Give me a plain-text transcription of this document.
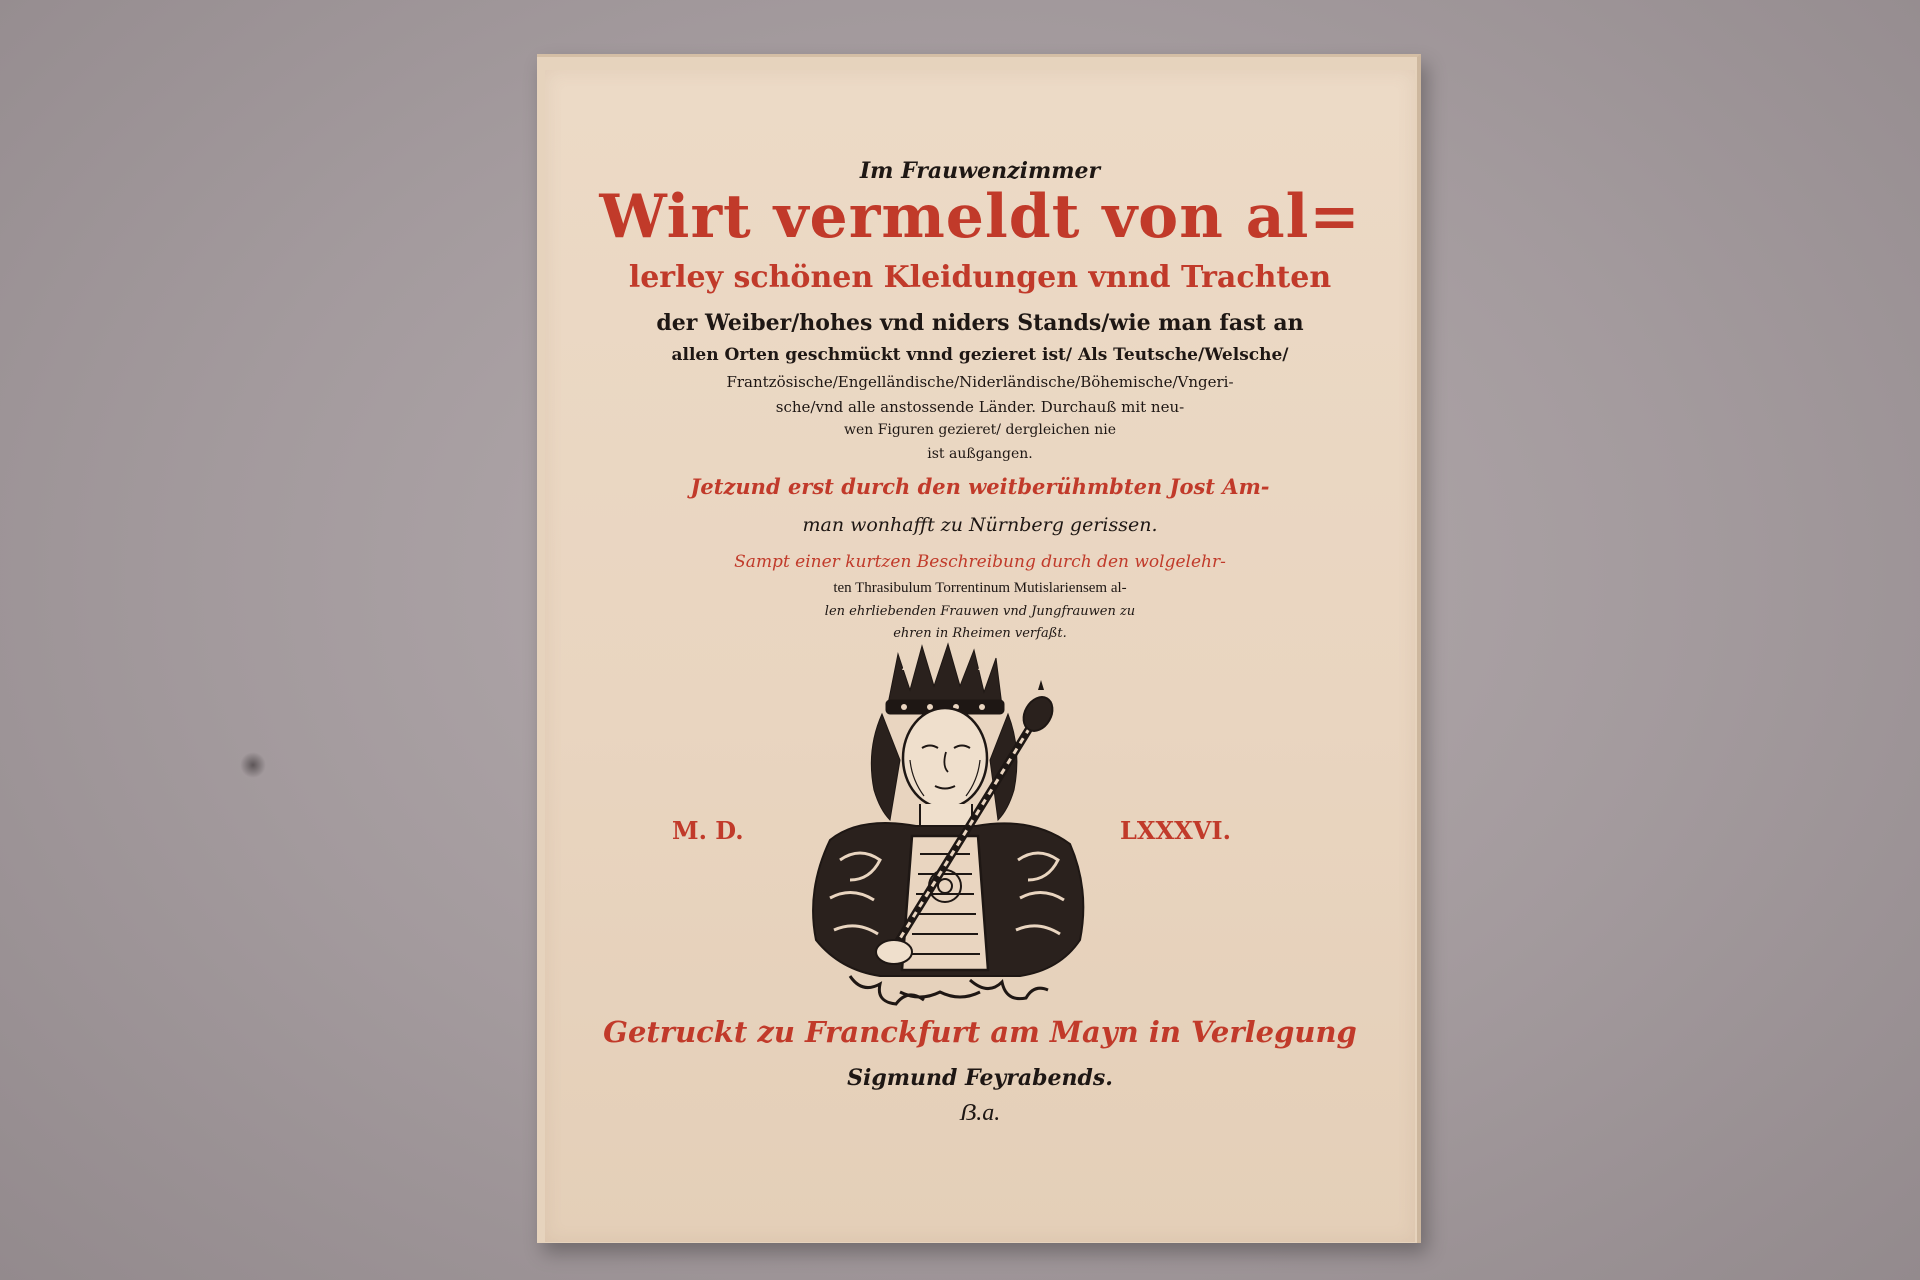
Im Frauwenzimmer
Wirt vermeldt von al=
lerley schönen Kleidungen vnnd Trachten
der Weiber/hohes vnd niders Stands/wie man fast an
allen Orten geschmückt vnnd gezieret ist/ Als Teutsche/Welsche/
Frantzösische/Engelländische/Niderländische/Böhemische/Vngeri-
sche/vnd alle anstossende Länder. Durchauß mit neu-
wen Figuren gezieret/ dergleichen nie
ist außgangen.
Jetzund erst durch den weitberühmbten Jost Am-
man wonhafft zu Nürnberg gerissen.
Sampt einer kurtzen Beschreibung durch den wolgelehr-
ten Thrasibulum Torrentinum Mutislariensem al-
len ehrliebenden Frauwen vnd Jungfrauwen zu
ehren in Rheimen verfaßt.
M. D.	LXXXVI.
Getruckt zu Franckfurt am Mayn in Verlegung
Sigmund Feyrabends.
ẞ.a.
